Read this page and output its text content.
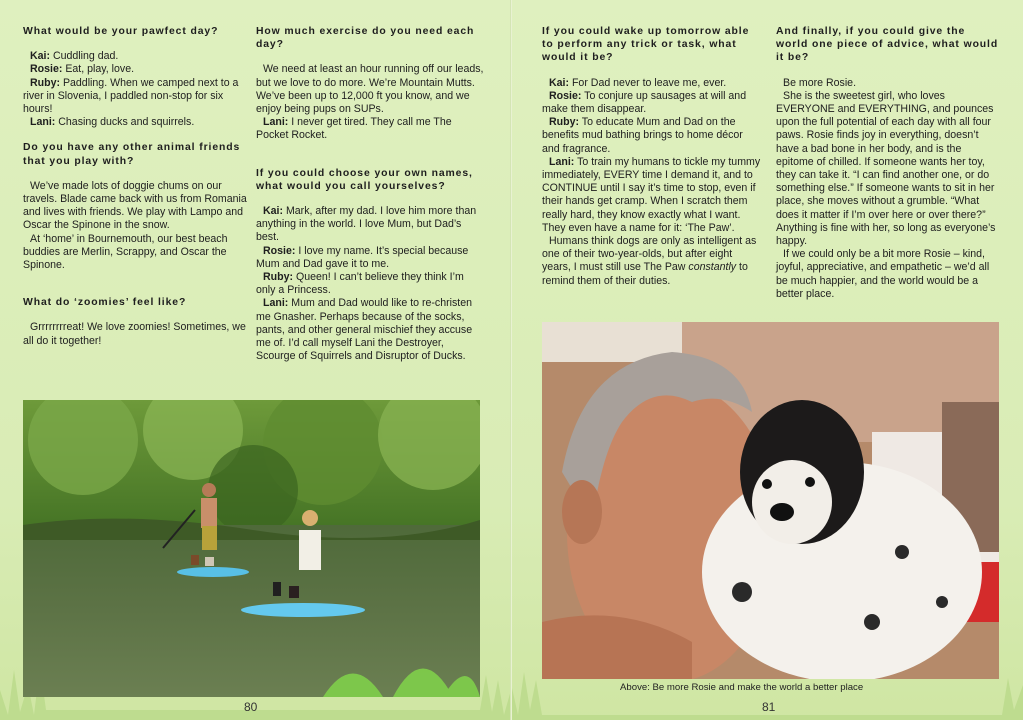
What would be your pawfect day?

Kai: Cuddling dad.

Rosie: Eat, play, love.

Ruby: Paddling. When we camped next to a river in Slovenia, I paddled non-stop for six hours!

Lani: Chasing ducks and squirrels.

Do you have any other animal friends that you play with?

We’ve made lots of doggie chums on our travels. Blade came back with us from Romania and lives with friends. We play with Lampo and Oscar the Spinone in the snow.

At ‘home’ in Bournemouth, our best beach buddies are Merlin, Scrappy, and Oscar the Spinone.

What do ‘zoomies’ feel like?

Grrrrrrrreat! We love zoomies! Sometimes, we all do it together!

How much exercise do you need each day?

We need at least an hour running off our leads, but we love to do more. We’re Mountain Mutts. We’ve been up to 12,000 ft you know, and we enjoy being pups on SUPs.

Lani: I never get tired. They call me The Pocket Rocket.

If you could choose your own names, what would you call yourselves?

Kai: Mark, after my dad. I love him more than anything in the world. I love Mum, but Dad’s best.

Rosie: I love my name. It’s special because Mum and Dad gave it to me.

Ruby: Queen! I can’t believe they think I’m only a Princess.

Lani: Mum and Dad would like to re-christen me Gnasher. Perhaps because of the socks, pants, and other general mischief they accuse me of. I’d call myself Lani the Destroyer, Scourge of Squirrels and Disruptor of Ducks.

80

If you could wake up tomorrow able to perform any trick or task, what would it be?

Kai: For Dad never to leave me, ever.

Rosie: To conjure up sausages at will and make them disappear.

Ruby: To educate Mum and Dad on the benefits mud bathing brings to home décor and fragrance.

Lani: To train my humans to tickle my tummy immediately, EVERY time I demand it, and to CONTINUE until I say it’s time to stop, even if their hands get cramp. When I scratch them really hard, they know exactly what I want. They even have a name for it: ‘The Paw’.

Humans think dogs are only as intelligent as one of their two-year-olds, but after eight years, I must still use The Paw constantly to remind them of their duties.

And finally, if you could give the world one piece of advice, what would it be?

Be more Rosie.

She is the sweetest girl, who loves EVERYONE and EVERYTHING, and pounces upon the full potential of each day with all four paws. Rosie finds joy in everything, doesn’t have a bad bone in her body, and is the epitome of chilled. If someone wants her toy, they can take it. “I can find another one, or do something else.” If someone wants to sit in her place, she moves without a grumble. “What does it matter if I’m over here or over there?” Anything is fine with her, so long as everyone’s happy.

If we could only be a bit more Rosie – kind, joyful, appreciative, and empathetic – we’d all be much happier, and the world would be a better place.

Above: Be more Rosie and make the world a better place
81
